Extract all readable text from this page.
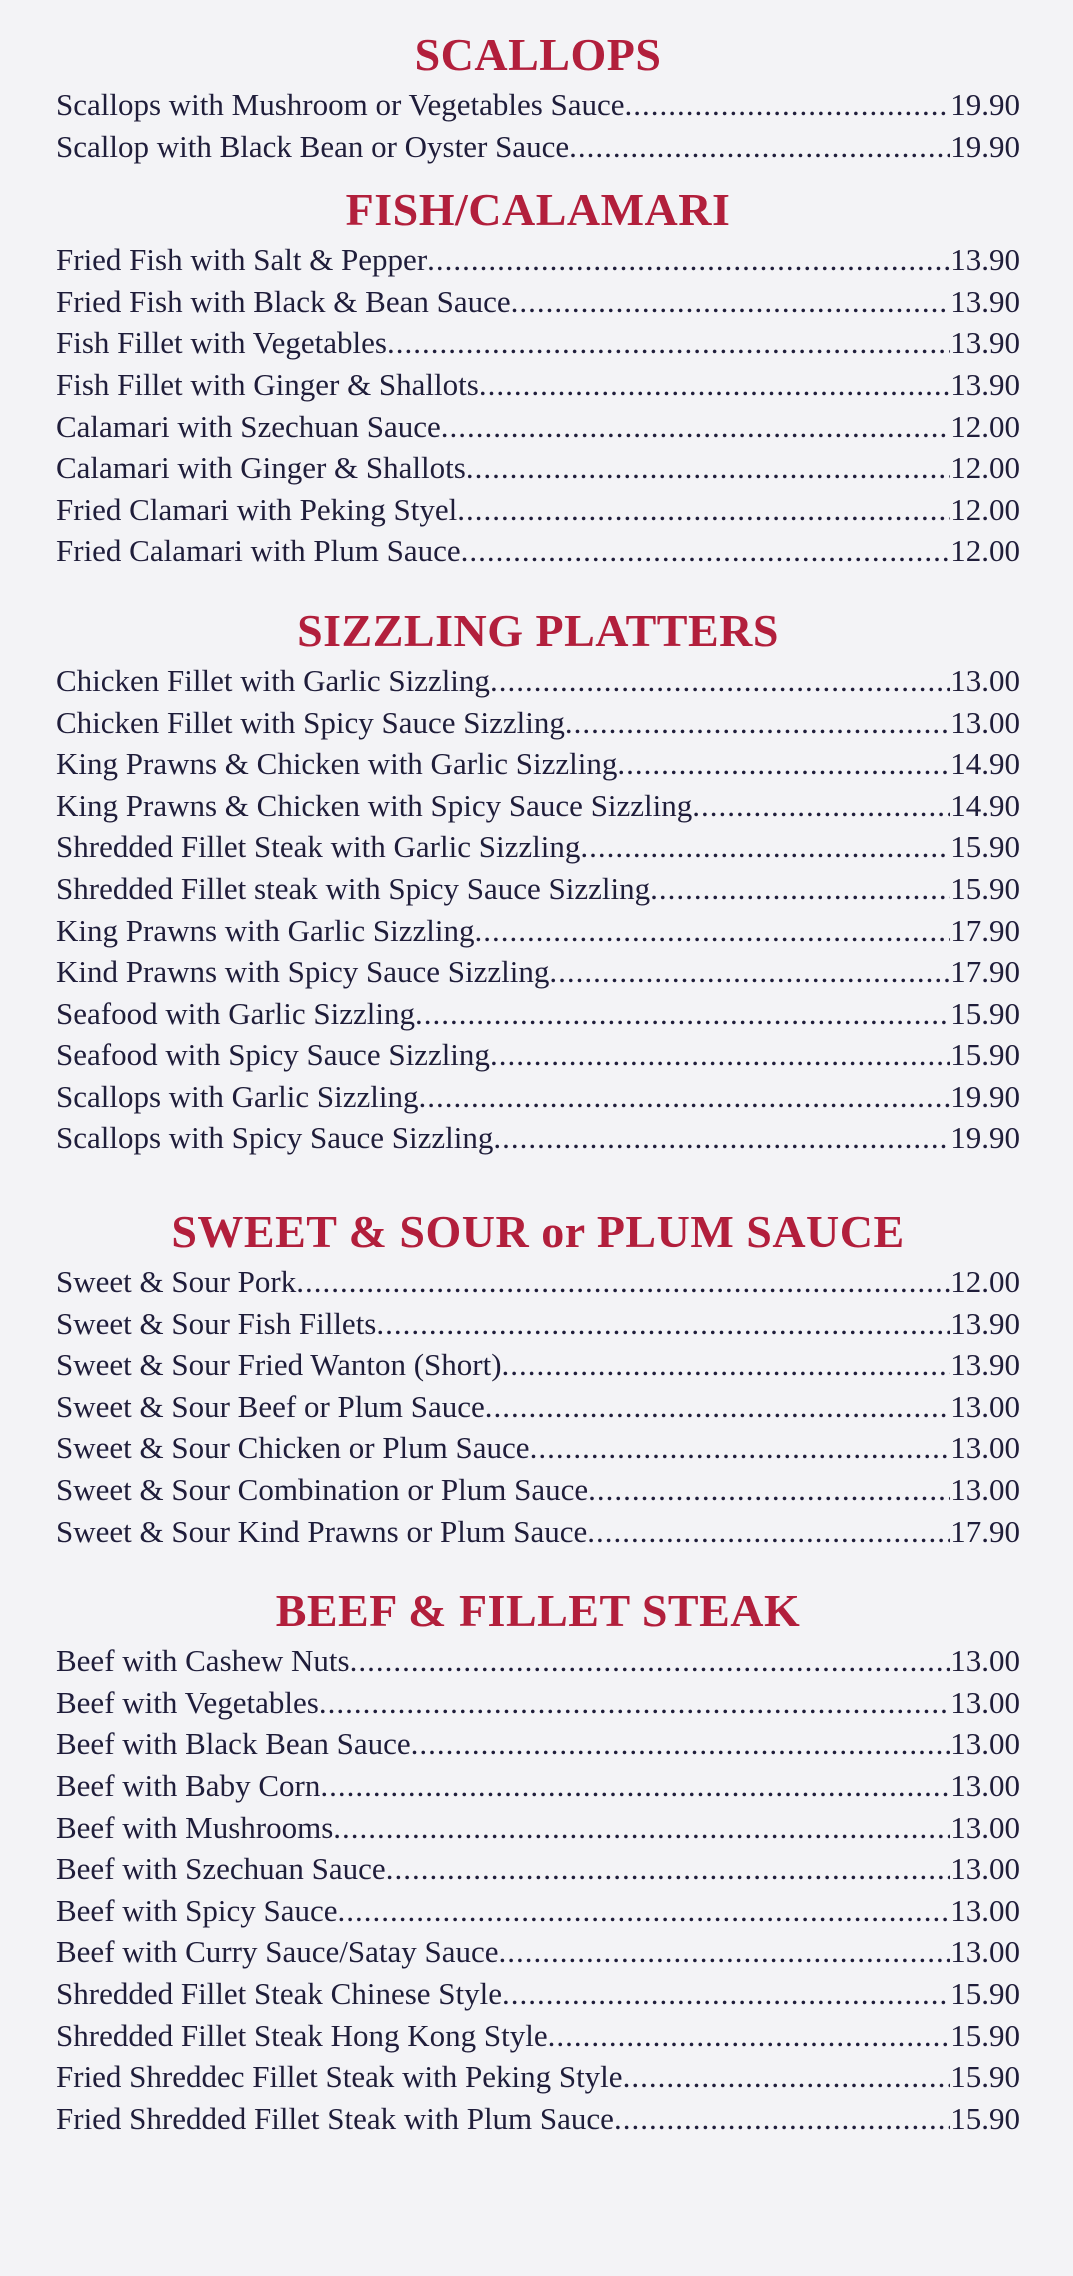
SCALLOPS
Scallops with Mushroom or Vegetables Sauce .....	19.90
Scallop with Black Bean or Oyster Sauce .....	19.90
FISH/CALAMARI
Fried Fish with Salt & Pepper .....	13.90
Fried Fish with Black & Bean Sauce .....	13.90
Fish Fillet with Vegetables .....	13.90
Fish Fillet with Ginger & Shallots .....	13.90
Calamari with Szechuan Sauce .....	12.00
Calamari with Ginger & Shallots .....	12.00
Fried Clamari with Peking Styel .....	12.00
Fried Calamari with Plum Sauce .....	12.00
SIZZLING PLATTERS
Chicken Fillet with Garlic Sizzling .....	13.00
Chicken Fillet with Spicy Sauce Sizzling .....	13.00
King Prawns & Chicken with Garlic Sizzling .....	14.90
King Prawns & Chicken with Spicy Sauce Sizzling .....	14.90
Shredded Fillet Steak with Garlic Sizzling .....	15.90
Shredded Fillet steak with Spicy Sauce Sizzling .....	15.90
King Prawns with Garlic Sizzling .....	17.90
Kind Prawns with Spicy Sauce Sizzling .....	17.90
Seafood with Garlic Sizzling .....	15.90
Seafood with Spicy Sauce Sizzling .....	15.90
Scallops with Garlic Sizzling .....	19.90
Scallops with Spicy Sauce Sizzling .....	19.90
SWEET & SOUR or PLUM SAUCE
Sweet & Sour Pork .....	12.00
Sweet & Sour Fish Fillets .....	13.90
Sweet & Sour Fried Wanton (Short) .....	13.90
Sweet & Sour Beef or Plum Sauce .....	13.00
Sweet & Sour Chicken or Plum Sauce .....	13.00
Sweet & Sour Combination or Plum Sauce .....	13.00
Sweet & Sour Kind Prawns or Plum Sauce .....	17.90
BEEF & FILLET STEAK
Beef with Cashew Nuts .....	13.00
Beef with Vegetables .....	13.00
Beef with Black Bean Sauce .....	13.00
Beef with Baby Corn .....	13.00
Beef with Mushrooms .....	13.00
Beef with Szechuan Sauce .....	13.00
Beef with Spicy Sauce .....	13.00
Beef with Curry Sauce/Satay Sauce .....	13.00
Shredded Fillet Steak Chinese Style .....	15.90
Shredded Fillet Steak Hong Kong Style .....	15.90
Fried Shreddec Fillet Steak with Peking Style .....	15.90
Fried Shredded Fillet Steak with Plum Sauce .....	15.90
